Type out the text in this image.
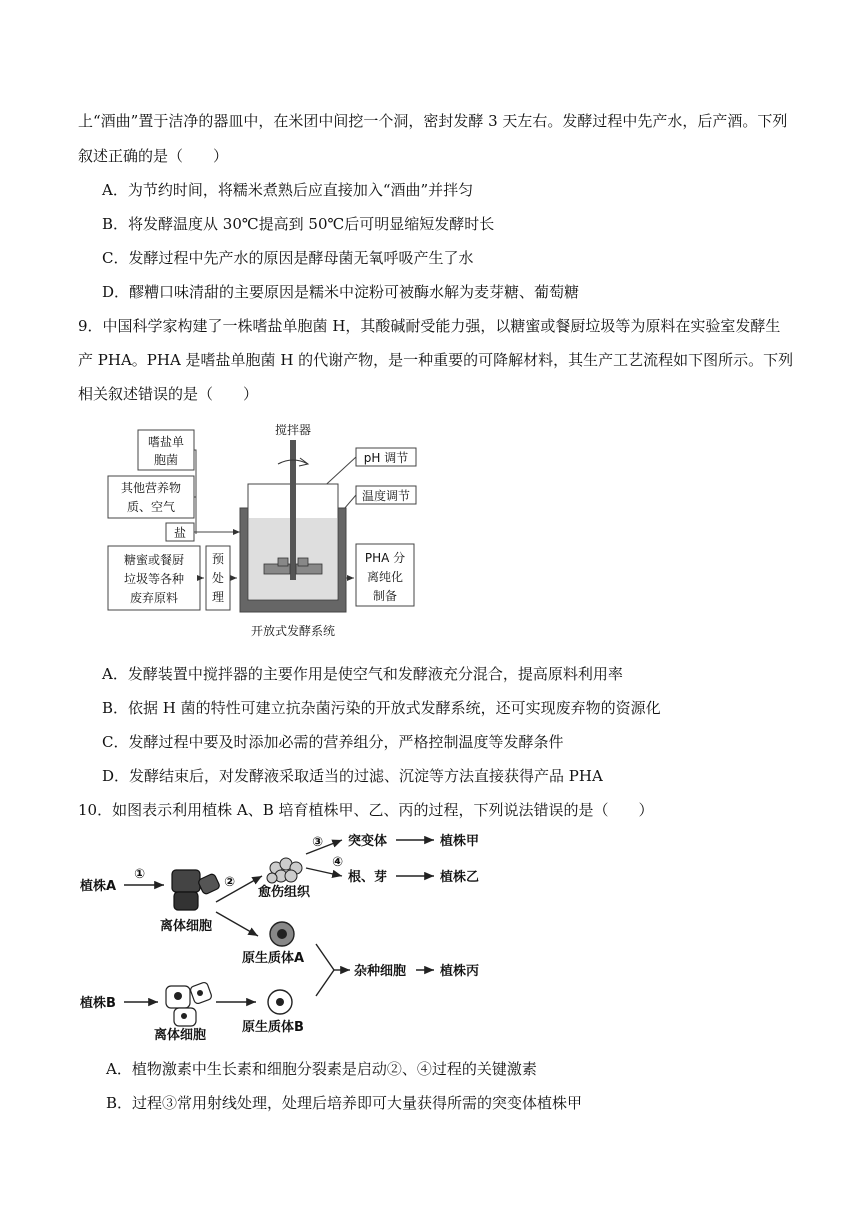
上“酒曲”置于洁净的器皿中，在米团中间挖一个洞，密封发酵 3 天左右。发酵过程中先产水，后产酒。下列
叙述正确的是（　　）
A．为节约时间，将糯米煮熟后应直接加入“酒曲”并拌匀
B．将发酵温度从 30℃提高到 50℃后可明显缩短发酵时长
C．发酵过程中先产水的原因是酵母菌无氧呼吸产生了水
D．醪糟口味清甜的主要原因是糯米中淀粉可被酶水解为麦芽糖、葡萄糖
9．中国科学家构建了一株嗜盐单胞菌 H，其酸碱耐受能力强，以糖蜜或餐厨垃圾等为原料在实验室发酵生
产 PHA。PHA 是嗜盐单胞菌 H 的代谢产物，是一种重要的可降解材料，其生产工艺流程如下图所示。下列
相关叙述错误的是（　　）
嗜盐单
胞菌
其他营养物
质、空气
盐
糖蜜或餐厨
垃圾等各种
废弃原料
预
处
理
搅拌器
pH 调节
温度调节
PHA 分
离纯化
制备
开放式发酵系统
A．发酵装置中搅拌器的主要作用是使空气和发酵液充分混合，提高原料利用率
B．依据 H 菌的特性可建立抗杂菌污染的开放式发酵系统，还可实现废弃物的资源化
C．发酵过程中要及时添加必需的营养组分，严格控制温度等发酵条件
D．发酵结束后，对发酵液采取适当的过滤、沉淀等方法直接获得产品 PHA
10．如图表示利用植株 A、B 培育植株甲、乙、丙的过程，下列说法错误的是（　　）
植株A
植株B
①
②
③
④
离体细胞
离体细胞
愈伤组织
突变体	植株甲
根、芽	植株乙
原生质体A
原生质体B
杂种细胞	植株丙
A．植物激素中生长素和细胞分裂素是启动②、④过程的关键激素
B．过程③常用射线处理，处理后培养即可大量获得所需的突变体植株甲
